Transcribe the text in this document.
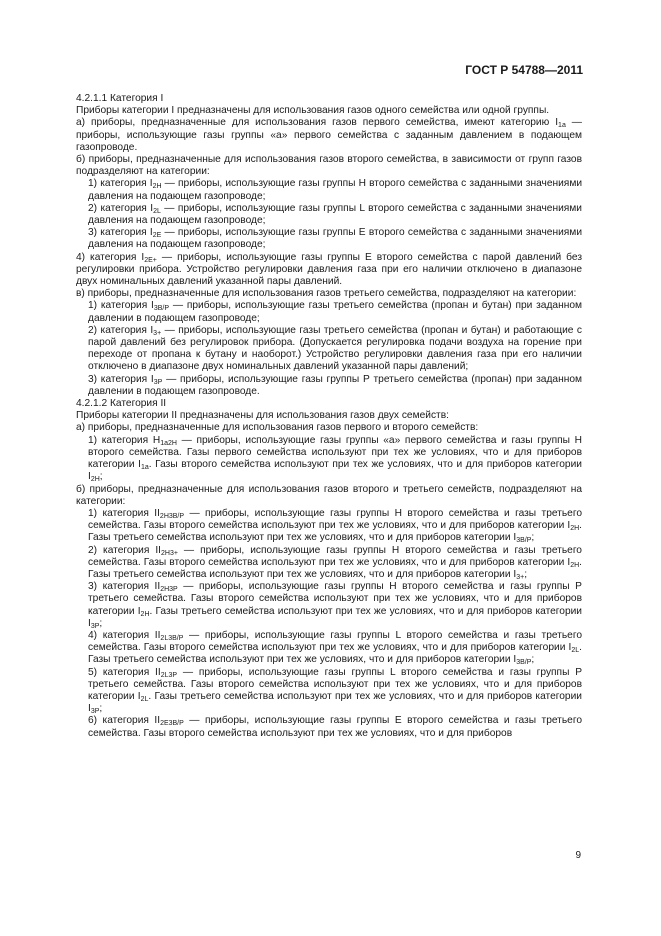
ГОСТ Р 54788—2011

4.2.1.1 Категория I

Приборы категории I предназначены для использования газов одного семейства или одной группы.

а) приборы, предназначенные для использования газов первого семейства, имеют категорию $I_{1a}$ — приборы, использующие газы группы «а» первого семейства с заданным давлением в подающем газопроводе.

б) приборы, предназначенные для использования газов второго семейства, в зависимости от групп газов подразделяют на категории:

1) категория $I_{2H}$ — приборы, использующие газы группы Н второго семейства с заданными значениями давления на подающем газопроводе;

2) категория $I_{2L}$ — приборы, использующие газы группы L второго семейства с заданными значениями давления на подающем газопроводе;

3) категория $I_{2E}$ — приборы, использующие газы группы Е второго семейства с заданными значениями давления на подающем газопроводе;

4) категория $I_{2E+}$ — приборы, использующие газы группы Е второго семейства с парой давлений без регулировки прибора. Устройство регулировки давления газа при его наличии отключено в диапазоне двух номинальных давлений указанной пары давлений.

в) приборы, предназначенные для использования газов третьего семейства, подразделяют на категории:

1) категория $I_{3B/P}$ — приборы, использующие газы третьего семейства (пропан и бутан) при заданном давлении в подающем газопроводе;

2) категория $I_{3+}$ — приборы, использующие газы третьего семейства (пропан и бутан) и работающие с парой давлений без регулировок прибора. (Допускается регулировка подачи воздуха на горение при переходе от пропана к бутану и наоборот.) Устройство регулировки давления газа при его наличии отключено в диапазоне двух номинальных давлений указанной пары давлений;

3) категория $I_{3P}$ — приборы, использующие газы группы Р третьего семейства (пропан) при заданном давлении в подающем газопроводе.

4.2.1.2 Категория II

Приборы категории II предназначены для использования газов двух семейств:

а) приборы, предназначенные для использования газов первого и второго семейств:

1) категория $H_{1a2H}$ — приборы, использующие газы группы «а» первого семейства и газы группы Н второго семейства. Газы первого семейства используют при тех же условиях, что и для приборов категории $I_{1a}$. Газы второго семейства используют при тех же условиях, что и для приборов категории $I_{2H}$;

б) приборы, предназначенные для использования газов второго и третьего семейств, подразделяют на категории:

1) категория $II_{2H3B/P}$ — приборы, использующие газы группы Н второго семейства и газы третьего семейства. Газы второго семейства используют при тех же условиях, что и для приборов категории $I_{2H}$. Газы третьего семейства используют при тех же условиях, что и для приборов категории $I_{3B/P}$;

2) категория $II_{2H3+}$ — приборы, использующие газы группы Н второго семейства и газы третьего семейства. Газы второго семейства используют при тех же условиях, что и для приборов категории $I_{2H}$. Газы третьего семейства используют при тех же условиях, что и для приборов категории $I_{3+}$;

3) категория $II_{2H3P}$ — приборы, использующие газы группы Н второго семейства и газы группы Р третьего семейства. Газы второго семейства используют при тех же условиях, что и для приборов категории $I_{2H}$. Газы третьего семейства используют при тех же условиях, что и для приборов категории $I_{3P}$;

4) категория $II_{2L3B/P}$ — приборы, использующие газы группы L второго семейства и газы третьего семейства. Газы второго семейства используют при тех же условиях, что и для приборов категории $I_{2L}$. Газы третьего семейства используют при тех же условиях, что и для приборов категории $I_{3B/P}$;

5) категория $II_{2L3P}$ — приборы, использующие газы группы L второго семейства и газы группы Р третьего семейства. Газы второго семейства используют при тех же условиях, что и для приборов категории $I_{2L}$. Газы третьего семейства используют при тех же условиях, что и для приборов категории $I_{3P}$;

6) категория $II_{2E3B/P}$ — приборы, использующие газы группы Е второго семейства и газы третьего семейства. Газы второго семейства используют при тех же условиях, что и для приборов

9
